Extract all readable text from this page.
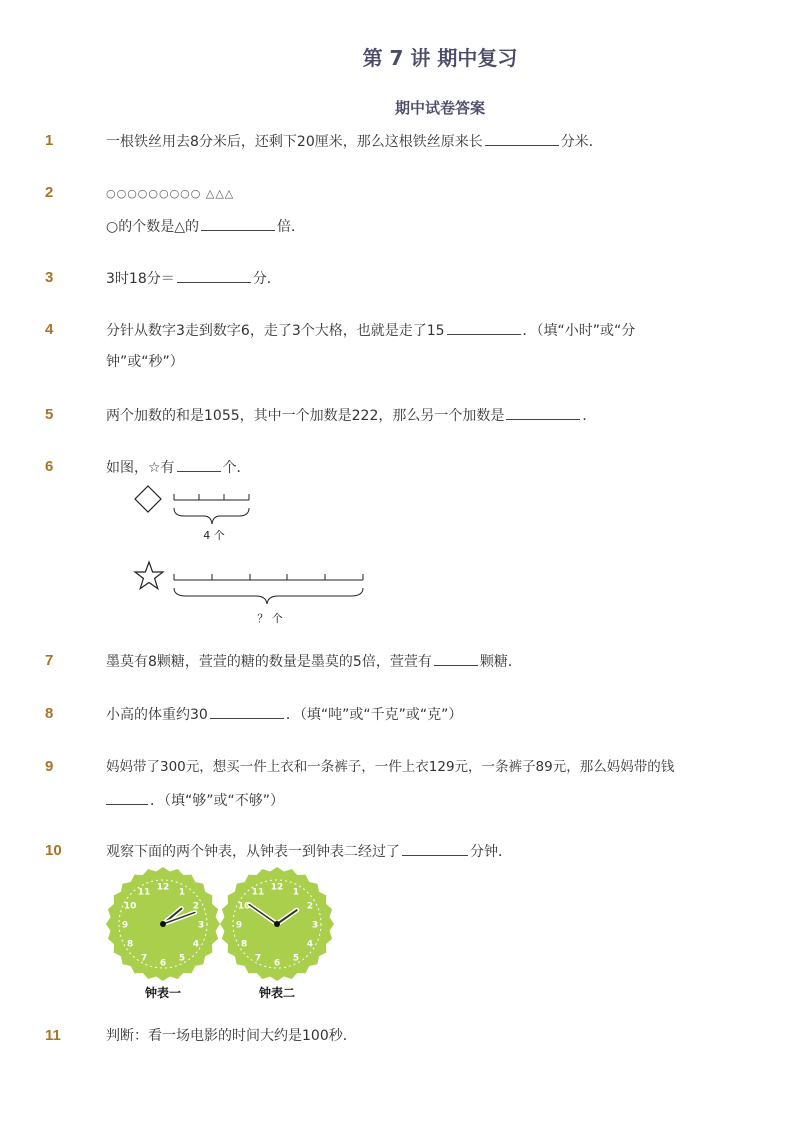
第 7 讲 期中复习
期中试卷答案
1	一根铁丝用去8分米后，还剩下20厘米，那么这根铁丝原来长	分米．
2	○○○○○○○○○ △△△
○的个数是△的	倍．
3	3时18分＝	分．
4	分针从数字3走到数字6，走了3个大格，也就是走了15	．（填“小时”或“分
钟”或“秒”）
5	两个加数的和是1055，其中一个加数是222，那么另一个加数是	．
6	如图，☆有	个．
4 个
？ 个
7	墨莫有8颗糖，萱萱的糖的数量是墨莫的5倍，萱萱有	颗糖．
8	小高的体重约30	．（填“吨”或“千克”或“克”）
9	妈妈带了300元，想买一件上衣和一条裤子，一件上衣129元，一条裤子89元，那么妈妈带的钱
．（填“够”或“不够”）
10	观察下面的两个钟表，从钟表一到钟表二经过了	分钟．
12
1
2
3
4
5
6
7
8
9
10
11
12
1
2
3
4
5
6
7
8
9
10
11
钟表一	钟表二
11	判断：看一场电影的时间大约是100秒．
